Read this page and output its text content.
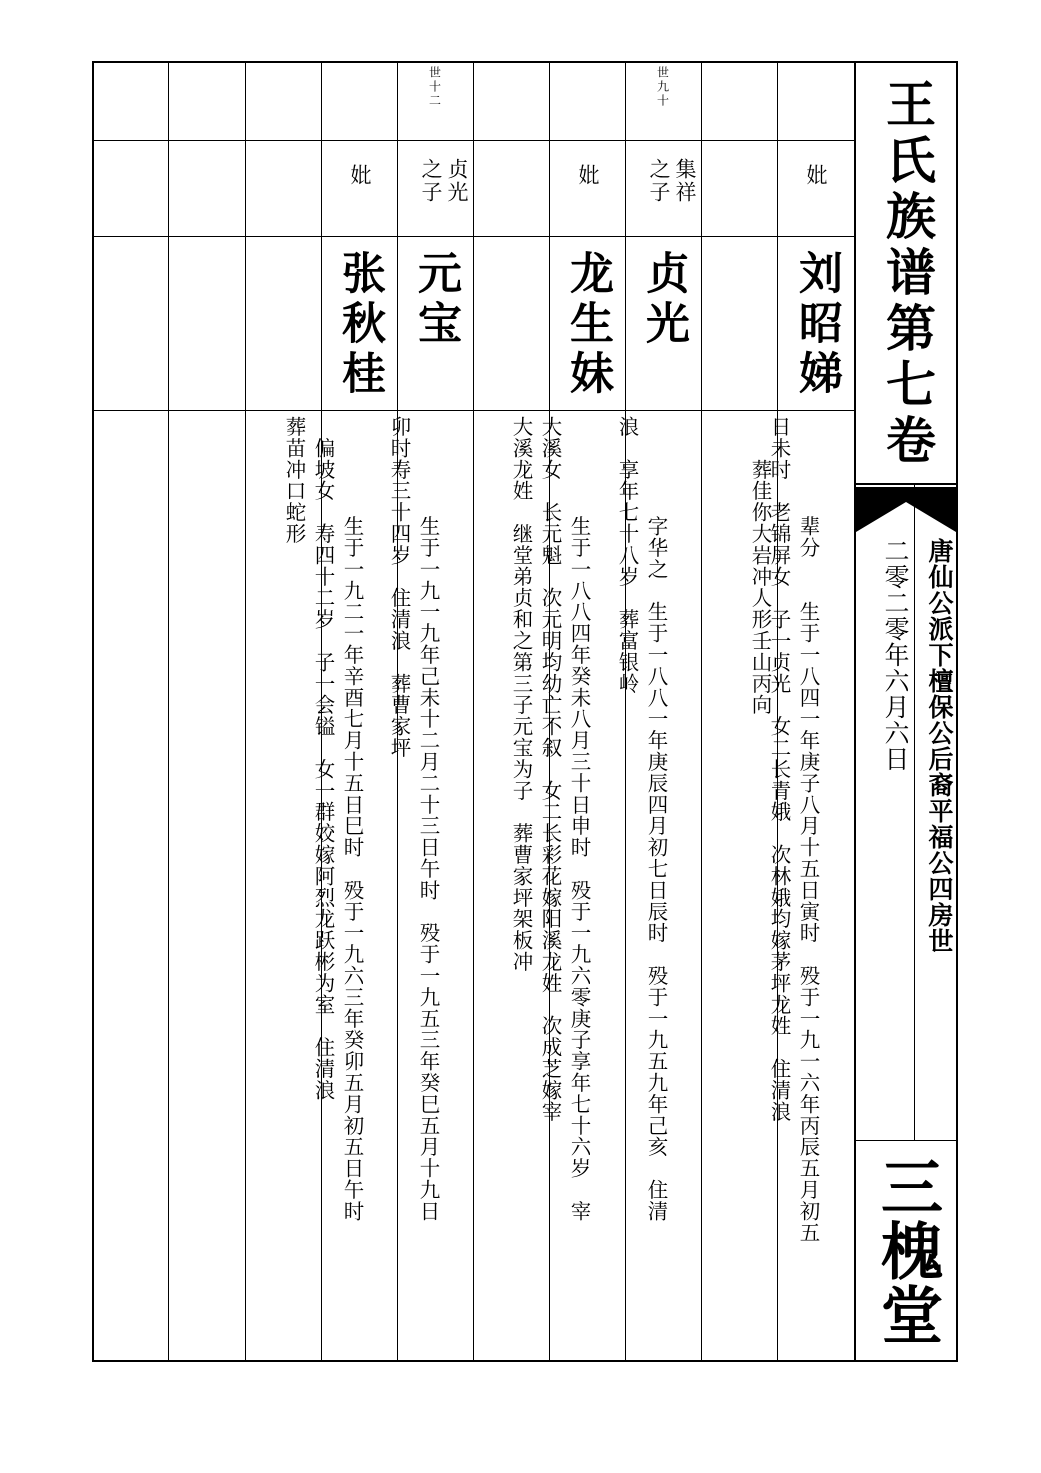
王氏族谱第七卷
唐仙公派下檀保公后裔平福公四房世
二零二零年六月六日
三槐堂
妣
刘昭娣

辈分　　生于一八四一年庚子八月十五日寅时　殁于一九一六年丙辰五月初五
日未时　老锦屏女　子一贞光　女二长青娥　次林娥均嫁茅坪龙姓　住清浪

　　葬佳你大岩冲人形壬山丙向
世九十
集祥
之子
贞光

字华之　生于一八八一年庚辰四月初七日辰时　殁于一九五九年己亥　住清
浪　享年七十八岁　葬富银岭

妣
龙生妹

生于一八八四年癸未八月三十日申时　殁于一九六零庚子享年七十六岁　宰
大溪女　长元魁　次元明均幼亡不叙　女二长彩花嫁阳溪龙姓　次成芝嫁宰
大溪龙姓　继堂弟贞和之第三子元宝为子　葬曹家坪架板冲

世十二
贞光
之子
元宝

生于一九一九年己未十二月二十三日午时　殁于一九五三年癸巳五月十九日
卯时寿三十四岁　住清浪　葬曹家坪

妣
张秋桂

生于一九二一年辛酉七月十五日巳时　殁于一九六三年癸卯五月初五日午时
　偏坡女　寿四十二岁　子一会镒　女一群姣嫁阿烈龙跃彬为室　住清浪
葬苗冲口蛇形
